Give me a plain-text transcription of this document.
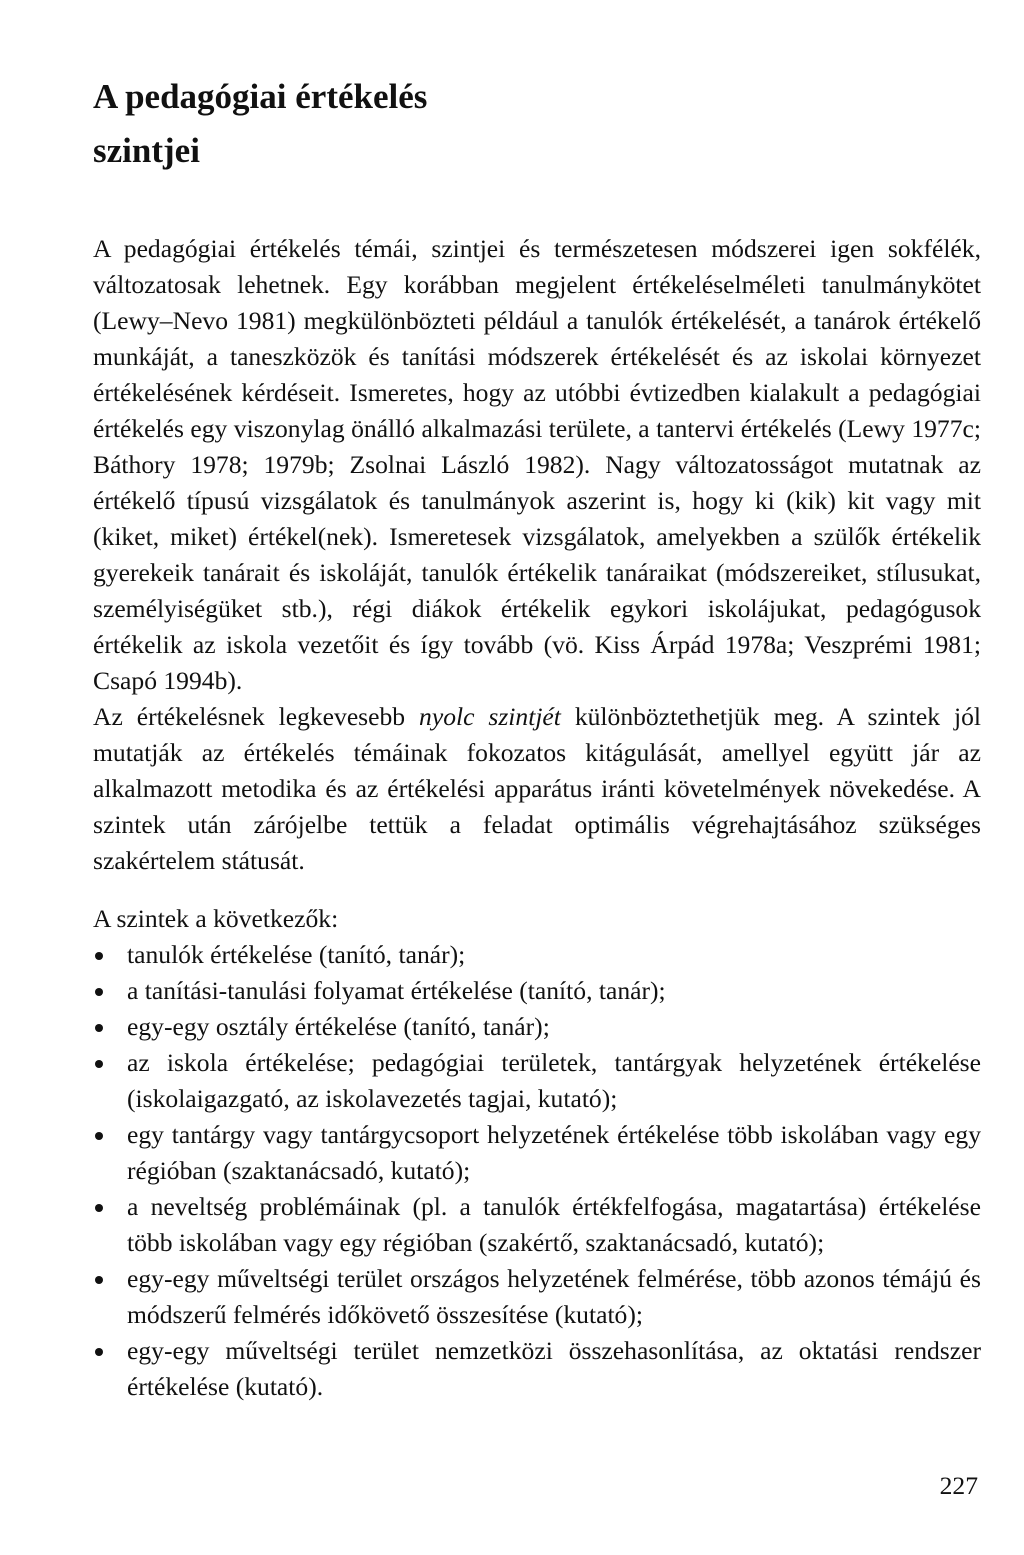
A pedagógiai értékelés
szintjei

A pedagógiai értékelés témái, szintjei és természetesen módszerei igen sokfélék, változatosak lehetnek. Egy korábban megjelent értékeléselméleti tanulmánykötet (Lewy–Nevo 1981) megkülönbözteti például a tanulók értékelését, a tanárok értékelő munkáját, a taneszközök és tanítási módszerek értékelését és az iskolai környezet értékelésének kérdéseit. Ismeretes, hogy az utóbbi évtizedben kialakult a pedagógiai értékelés egy viszonylag önálló alkalmazási területe, a tantervi értékelés (Lewy 1977c; Báthory 1978; 1979b; Zsolnai László 1982). Nagy változatosságot mutatnak az értékelő típusú vizsgálatok és tanulmányok aszerint is, hogy ki (kik) kit vagy mit (kiket, miket) értékel(nek). Ismeretesek vizsgálatok, amelyekben a szülők értékelik gyerekeik tanárait és iskoláját, tanulók értékelik tanáraikat (módszereiket, stílusukat, személyiségüket stb.), régi diákok értékelik egykori iskolájukat, pedagógusok értékelik az iskola vezetőit és így tovább (vö. Kiss Árpád 1978a; Veszprémi 1981; Csapó 1994b).

Az értékelésnek legkevesebb nyolc szintjét különböztethetjük meg. A szintek jól mutatják az értékelés témáinak fokozatos kitágulását, amellyel együtt jár az alkalmazott metodika és az értékelési apparátus iránti követelmények növekedése. A szintek után zárójelbe tettük a feladat optimális végrehajtásához szükséges szakértelem státusát.

A szintek a következők:

tanulók értékelése (tanító, tanár);
a tanítási-tanulási folyamat értékelése (tanító, tanár);
egy-egy osztály értékelése (tanító, tanár);
az iskola értékelése; pedagógiai területek, tantárgyak helyzetének értékelése (iskolaigazgató, az iskolavezetés tagjai, kutató);
egy tantárgy vagy tantárgycsoport helyzetének értékelése több iskolában vagy egy régióban (szaktanácsadó, kutató);
a neveltség problémáinak (pl. a tanulók értékfelfogása, magatartása) értékelése több iskolában vagy egy régióban (szakértő, szaktanácsadó, kutató);
egy-egy műveltségi terület országos helyzetének felmérése, több azonos témájú és módszerű felmérés időkövető összesítése (kutató);
egy-egy műveltségi terület nemzetközi összehasonlítása, az oktatási rendszer értékelése (kutató).
227
